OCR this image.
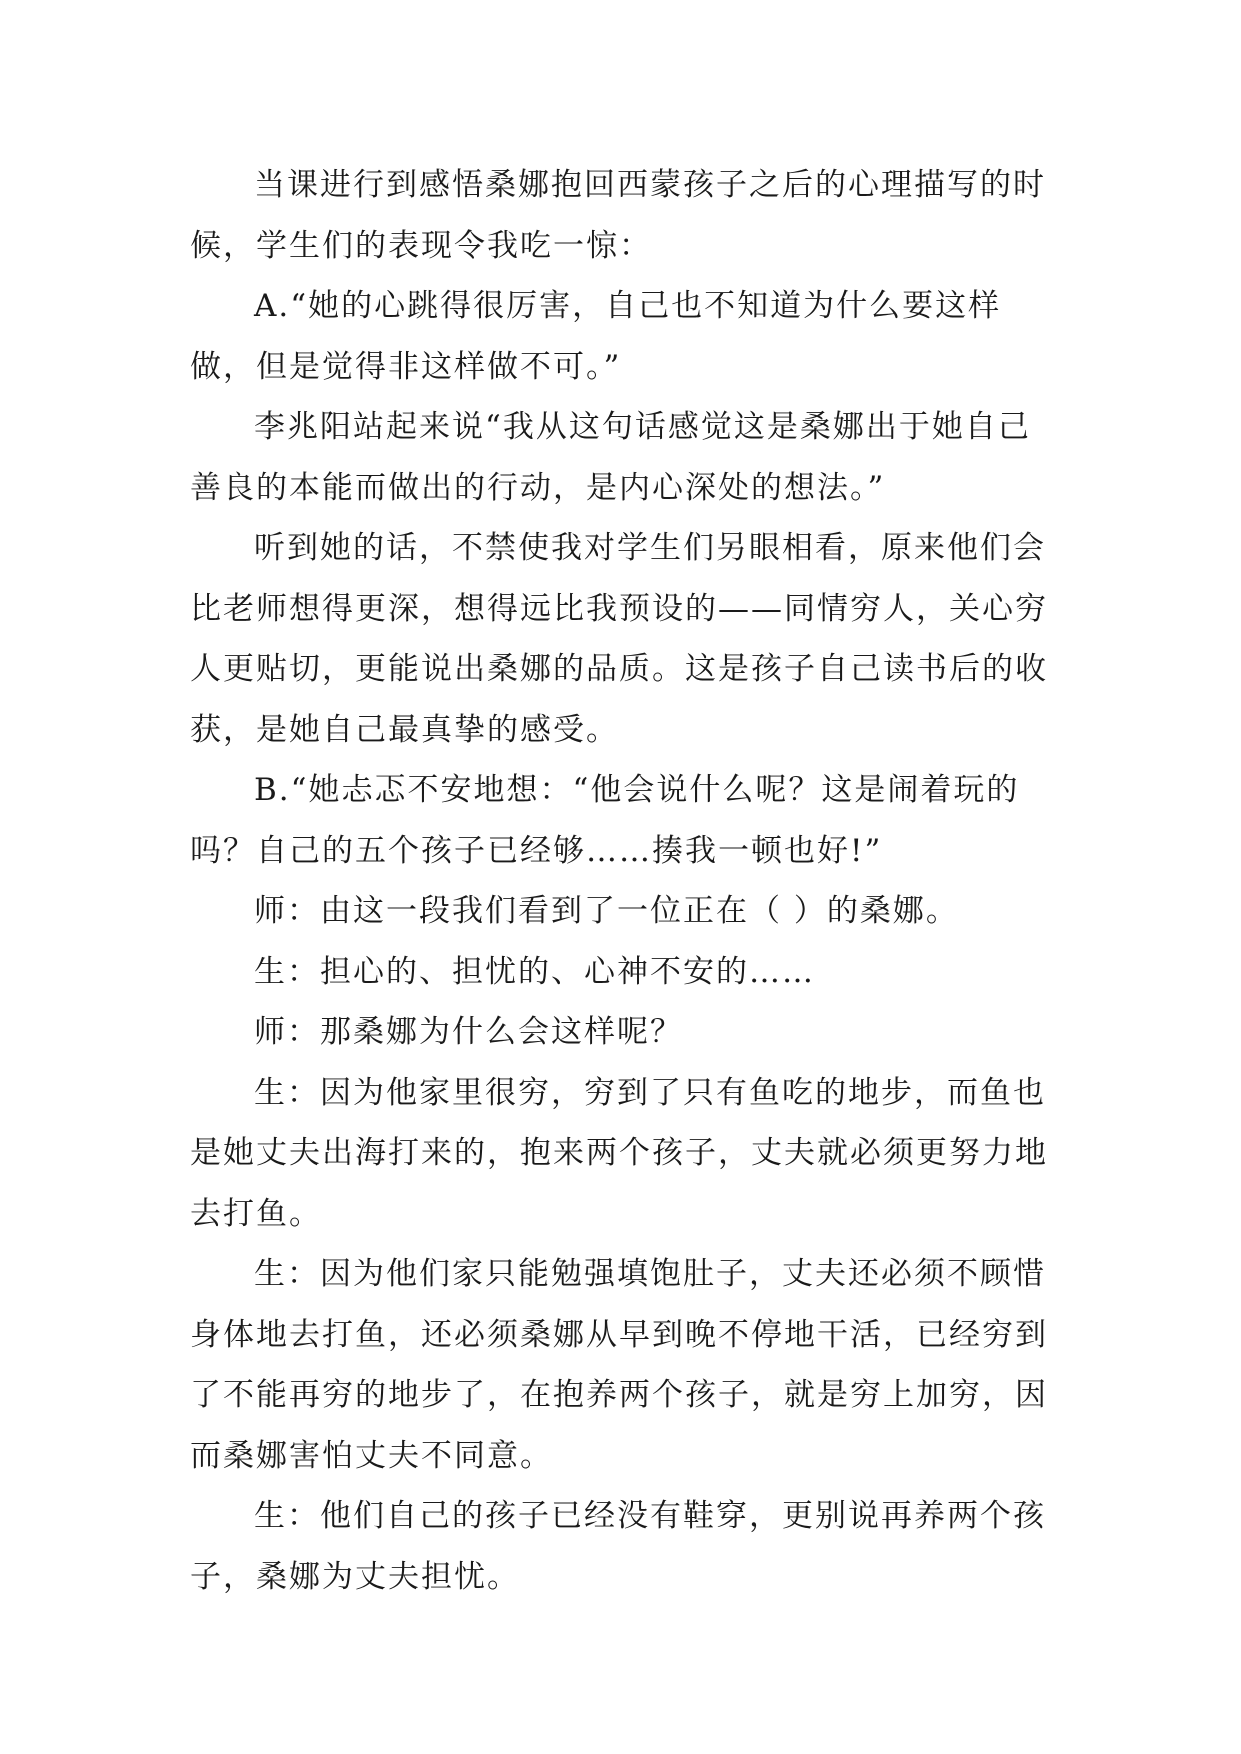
当课进行到感悟桑娜抱回西蒙孩子之后的心理描写的时候，学生们的表现令我吃一惊：

A.“她的心跳得很厉害，自己也不知道为什么要这样做，但是觉得非这样做不可。”

李兆阳站起来说“我从这句话感觉这是桑娜出于她自己善良的本能而做出的行动，是内心深处的想法。”

听到她的话，不禁使我对学生们另眼相看，原来他们会比老师想得更深，想得远比我预设的——同情穷人，关心穷人更贴切，更能说出桑娜的品质。这是孩子自己读书后的收获，是她自己最真挚的感受。

B.“她忐忑不安地想：“他会说什么呢？这是闹着玩的吗？自己的五个孩子已经够……揍我一顿也好!”

师：由这一段我们看到了一位正在（ ）的桑娜。

生：担心的、担忧的、心神不安的……

师：那桑娜为什么会这样呢？

生：因为他家里很穷，穷到了只有鱼吃的地步，而鱼也是她丈夫出海打来的，抱来两个孩子，丈夫就必须更努力地去打鱼。

生：因为他们家只能勉强填饱肚子，丈夫还必须不顾惜身体地去打鱼，还必须桑娜从早到晚不停地干活，已经穷到了不能再穷的地步了，在抱养两个孩子，就是穷上加穷，因而桑娜害怕丈夫不同意。

生：他们自己的孩子已经没有鞋穿，更别说再养两个孩子，桑娜为丈夫担忧。
